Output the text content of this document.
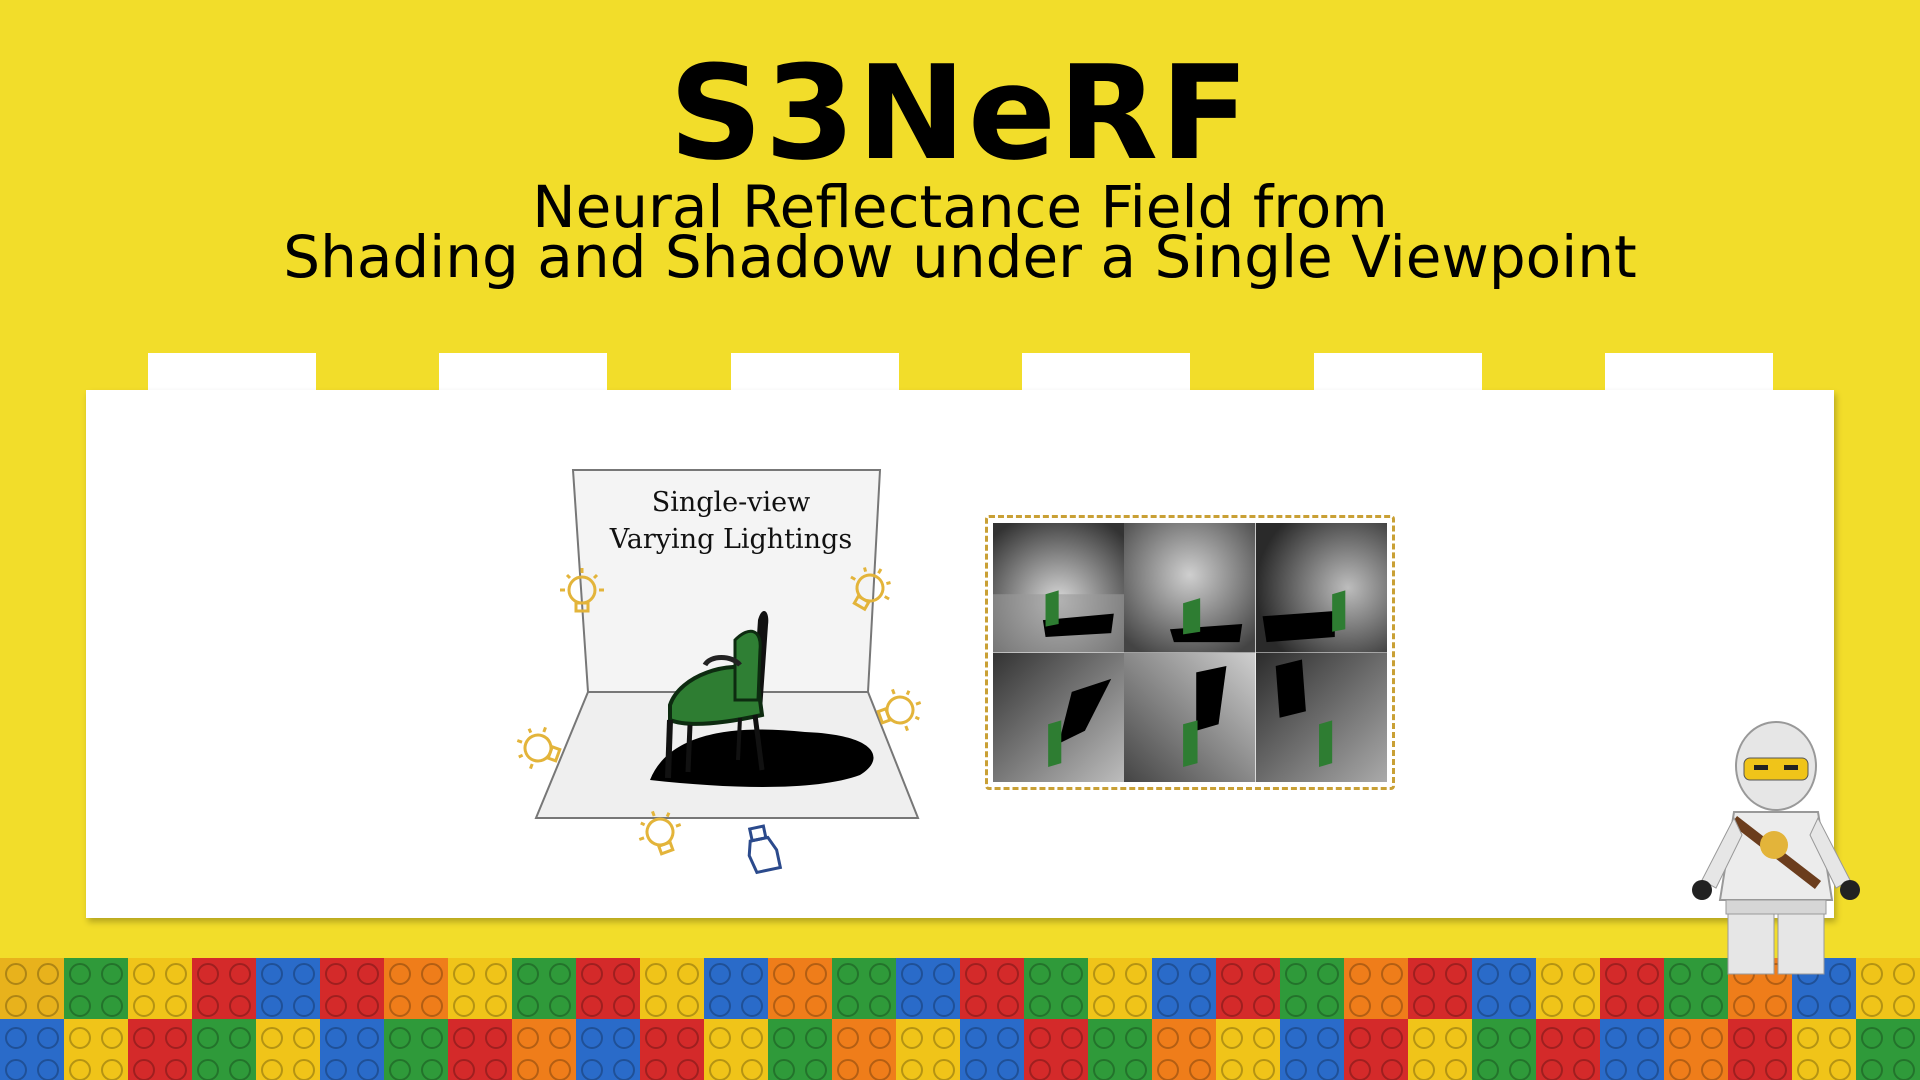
S3NeRF
Neural Reflectance Field from
Shading and Shadow under a Single Viewpoint
Single-view
Varying Lightings
